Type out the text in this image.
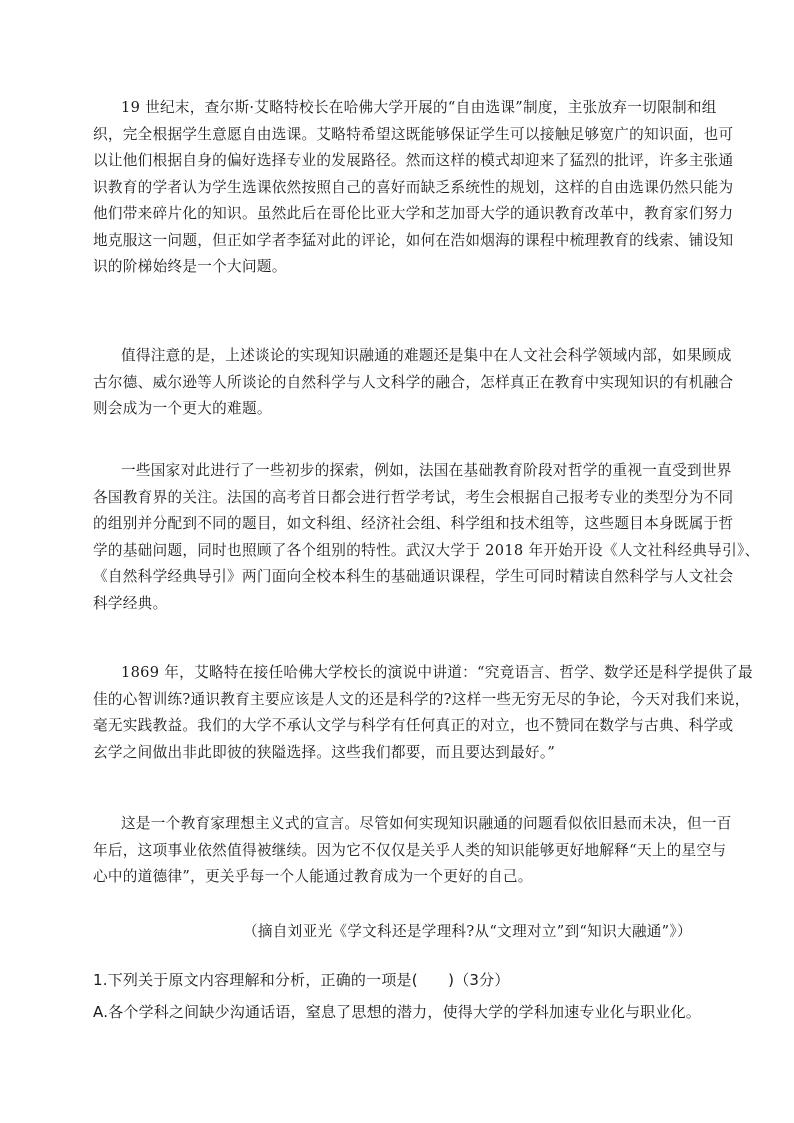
19 世纪末，查尔斯·艾略特校长在哈佛大学开展的“自由选课”制度，主张放弃一切限制和组
织，完全根据学生意愿自由选课。艾略特希望这既能够保证学生可以接触足够宽广的知识面，也可
以让他们根据自身的偏好选择专业的发展路径。然而这样的模式却迎来了猛烈的批评，许多主张通
识教育的学者认为学生选课依然按照自己的喜好而缺乏系统性的规划，这样的自由选课仍然只能为
他们带来碎片化的知识。虽然此后在哥伦比亚大学和芝加哥大学的通识教育改革中，教育家们努力
地克服这一问题，但正如学者李猛对此的评论，如何在浩如烟海的课程中梳理教育的线索、铺设知
识的阶梯始终是一个大问题。
值得注意的是，上述谈论的实现知识融通的难题还是集中在人文社会科学领域内部，如果顾成
古尔德、威尔逊等人所谈论的自然科学与人文科学的融合，怎样真正在教育中实现知识的有机融合
则会成为一个更大的难题。
一些国家对此进行了一些初步的探索，例如，法国在基础教育阶段对哲学的重视一直受到世界
各国教育界的关注。法国的高考首日都会进行哲学考试，考生会根据自己报考专业的类型分为不同
的组别并分配到不同的题目，如文科组、经济社会组、科学组和技术组等，这些题目本身既属于哲
学的基础问题，同时也照顾了各个组别的特性。武汉大学于 2018 年开始开设《人文社科经典导引》、
《自然科学经典导引》两门面向全校本科生的基础通识课程，学生可同时精读自然科学与人文社会
科学经典。
1869 年，艾略特在接任哈佛大学校长的演说中讲道：“究竟语言、哲学、数学还是科学提供了最
佳的心智训练?通识教育主要应该是人文的还是科学的?这样一些无穷无尽的争论，今天对我们来说，
毫无实践教益。我们的大学不承认文学与科学有任何真正的对立，也不赞同在数学与古典、科学或
玄学之间做出非此即彼的狭隘选择。这些我们都要，而且要达到最好。”
这是一个教育家理想主义式的宣言。尽管如何实现知识融通的问题看似依旧悬而未决，但一百
年后，这项事业依然值得被继续。因为它不仅仅是关乎人类的知识能够更好地解释“天上的星空与
心中的道德律”，更关乎每一个人能通过教育成为一个更好的自己。
（摘自刘亚光《学文科还是学理科?从“文理对立”到“知识大融通”》）
1.下列关于原文内容理解和分析，正确的一项是(　　)（3分）
A.各个学科之间缺少沟通话语，窒息了思想的潜力，使得大学的学科加速专业化与职业化。
